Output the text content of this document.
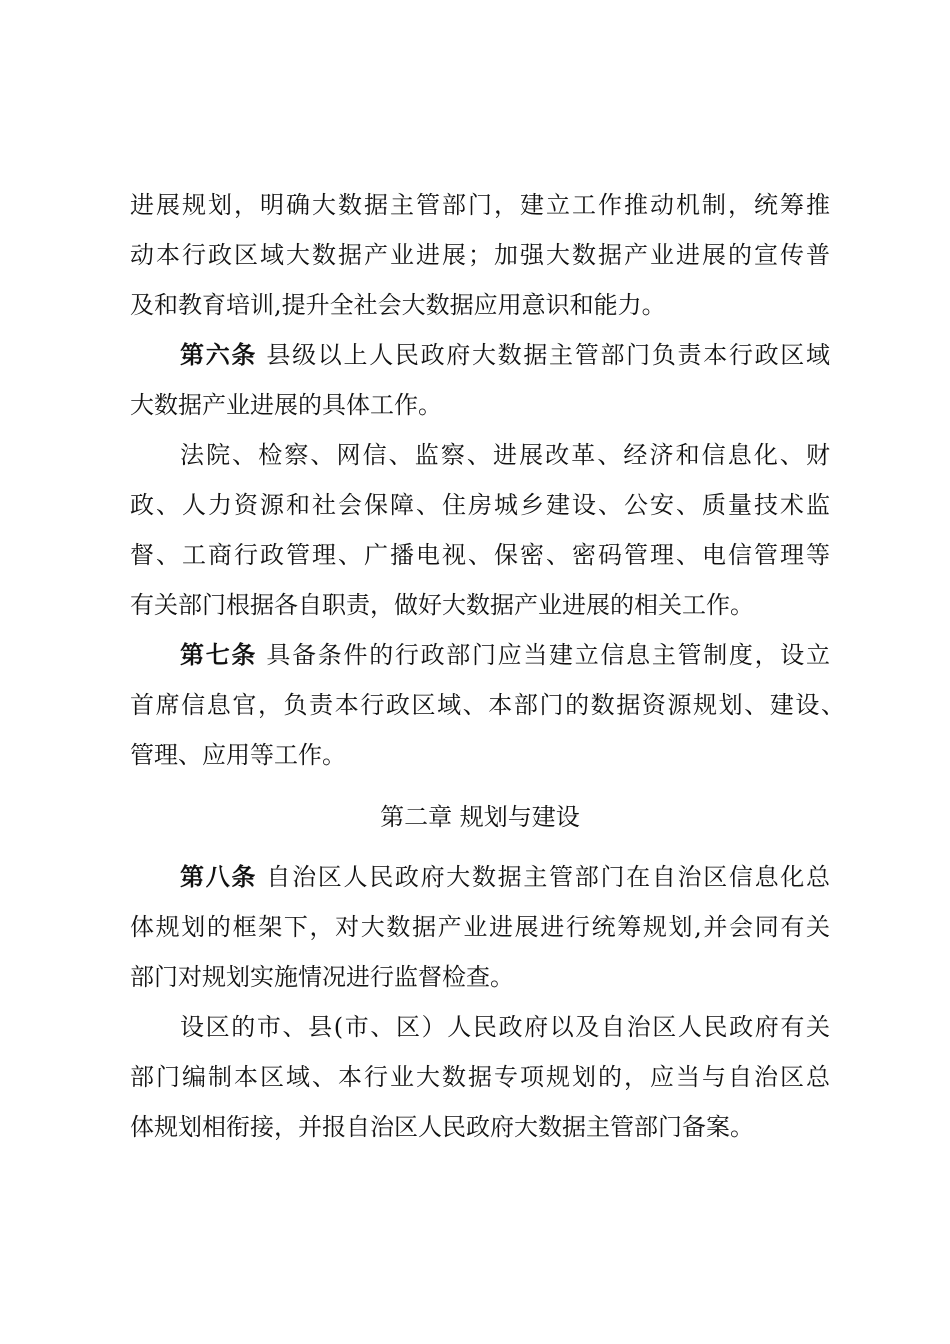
进展规划，明确大数据主管部门，建立工作推动机制，统筹推
动本行政区域大数据产业进展；加强大数据产业进展的宣传普
及和教育培训,提升全社会大数据应用意识和能力。
第六条 县级以上人民政府大数据主管部门负责本行政区域
大数据产业进展的具体工作。
法院、检察、网信、监察、进展改革、经济和信息化、财
政、人力资源和社会保障、住房城乡建设、公安、质量技术监
督、工商行政管理、广播电视、保密、密码管理、电信管理等
有关部门根据各自职责，做好大数据产业进展的相关工作。
第七条 具备条件的行政部门应当建立信息主管制度，设立
首席信息官，负责本行政区域、本部门的数据资源规划、建设、
管理、应用等工作。
第二章 规划与建设
第八条 自治区人民政府大数据主管部门在自治区信息化总
体规划的框架下，对大数据产业进展进行统筹规划,并会同有关
部门对规划实施情况进行监督检查。
设区的市、县(市、区）人民政府以及自治区人民政府有关
部门编制本区域、本行业大数据专项规划的，应当与自治区总
体规划相衔接，并报自治区人民政府大数据主管部门备案。
